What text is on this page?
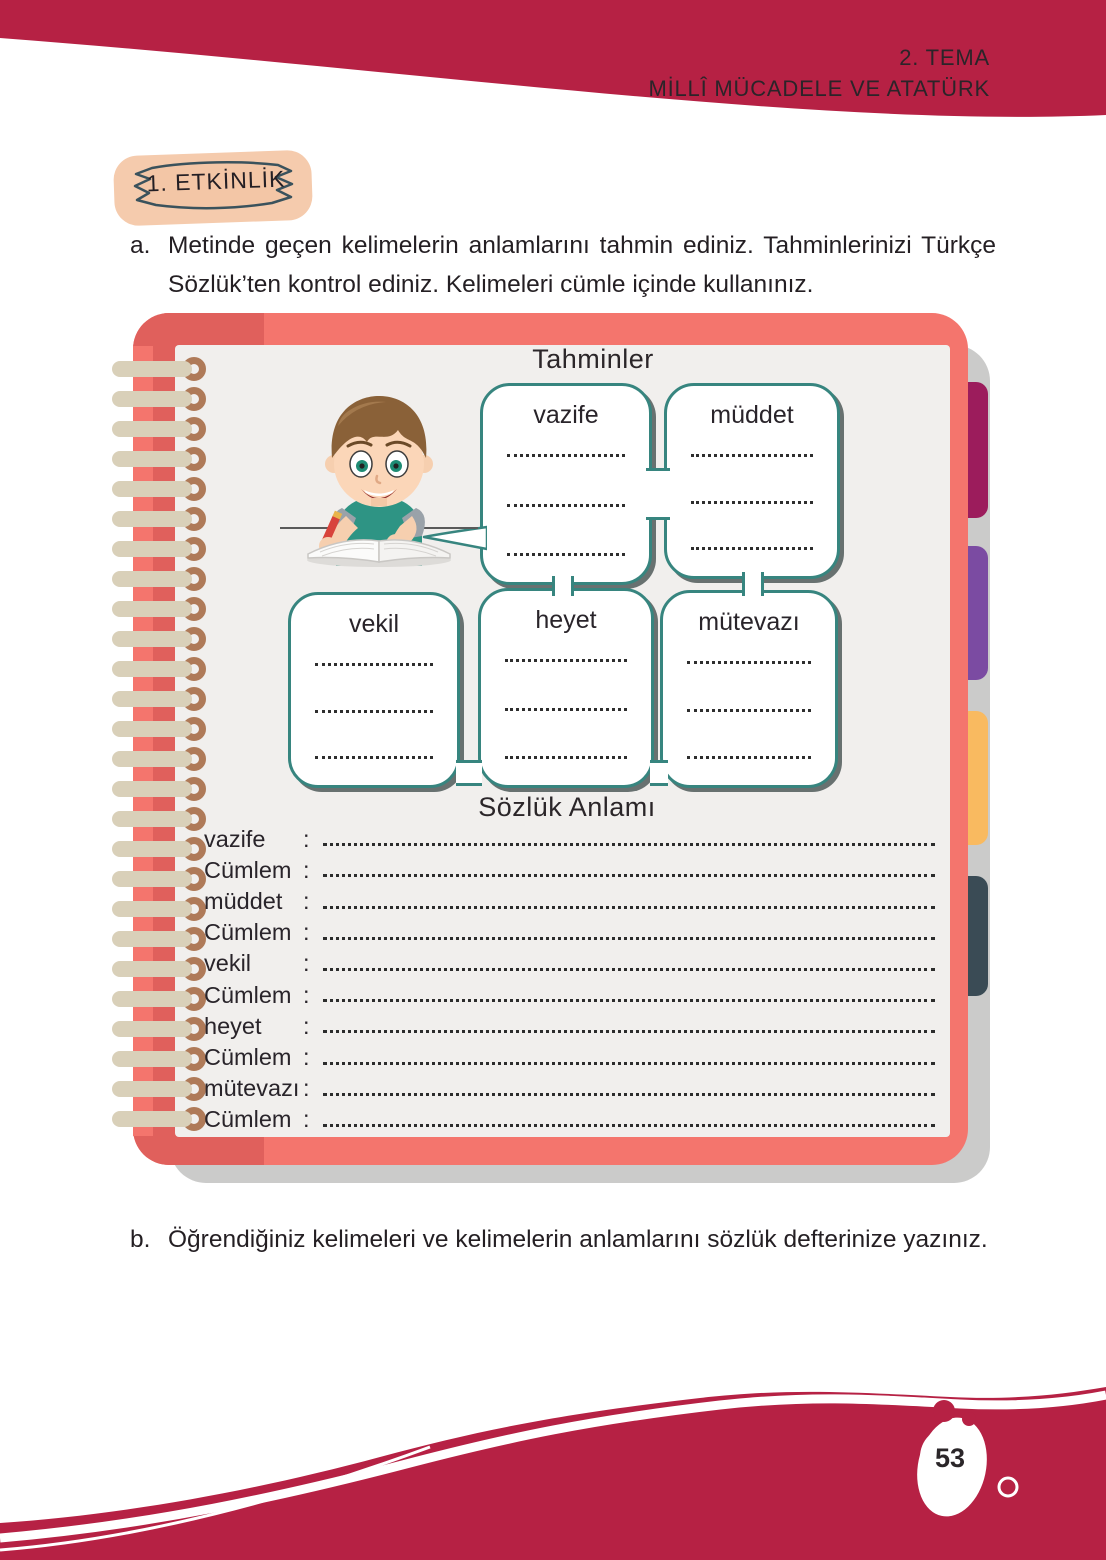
2. TEMA
MİLLÎ MÜCADELE VE ATATÜRK
1. ETKİNLİK
a. Metinde geçen kelimelerin anlamlarını tahmin ediniz. Tahminlerinizi Türkçe Sözlük’ten kontrol ediniz. Kelimeleri cümle içinde kullanınız.
Tahminler
Sözlük Anlamı
vazife	müddet
vekil	heyet	mütevazı
vazife	:
Cümlem :
müddet :
Cümlem :
vekil	:
Cümlem :
heyet	:
Cümlem :
mütevazı :
Cümlem :
b. Öğrendiğiniz kelimeleri ve kelimelerin anlamlarını sözlük defterinize yazınız.
53
